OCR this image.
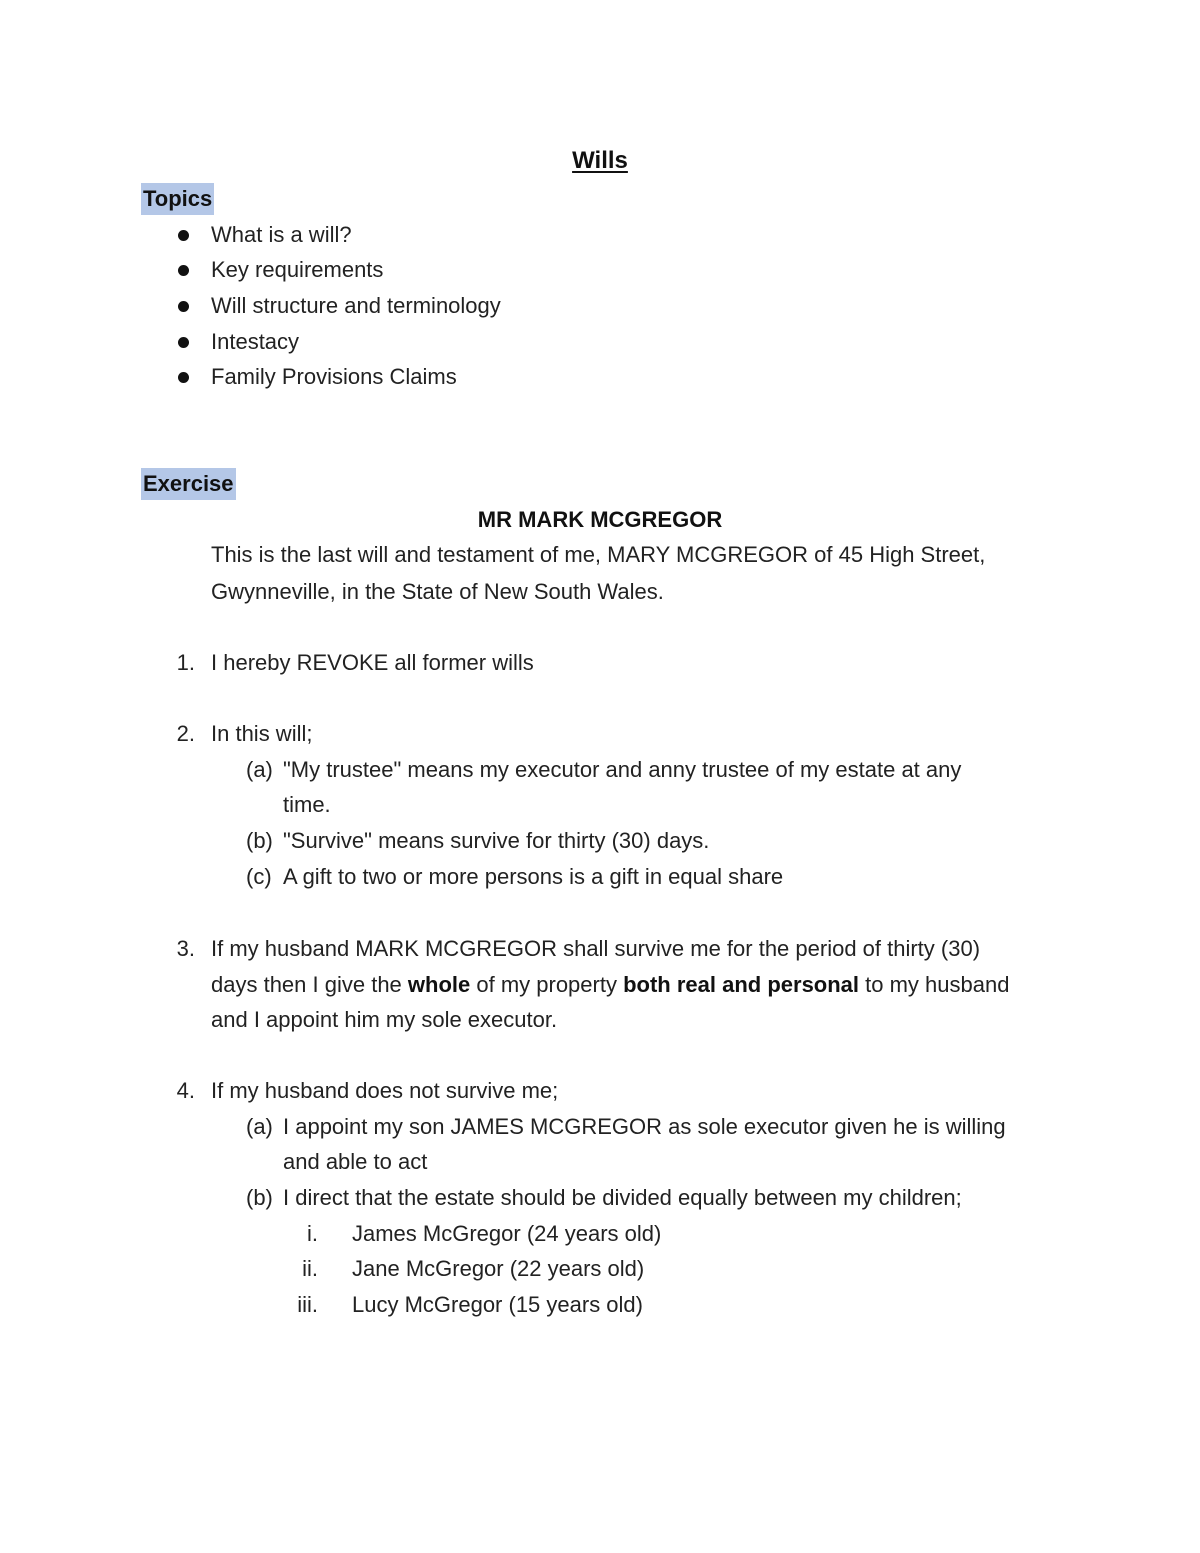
Wills
Topics
What is a will?
Key requirements
Will structure and terminology
Intestacy
Family Provisions Claims
Exercise
MR MARK MCGREGOR
This is the last will and testament of me, MARY MCGREGOR of 45 High Street,
Gwynneville, in the State of New South Wales.
1. I hereby REVOKE all former wills
2. In this will;
(a) "My trustee" means my executor and anny trustee of my estate at any
time.
(b) "Survive" means survive for thirty (30) days.
(c) A gift to two or more persons is a gift in equal share
3. If my husband MARK MCGREGOR shall survive me for the period of thirty (30)
days then I give the whole of my property both real and personal to my husband
and I appoint him my sole executor.
4. If my husband does not survive me;
(a) I appoint my son JAMES MCGREGOR as sole executor given he is willing
and able to act
(b) I direct that the estate should be divided equally between my children;
i. James McGregor (24 years old)
ii. Jane McGregor (22 years old)
iii. Lucy McGregor (15 years old)
